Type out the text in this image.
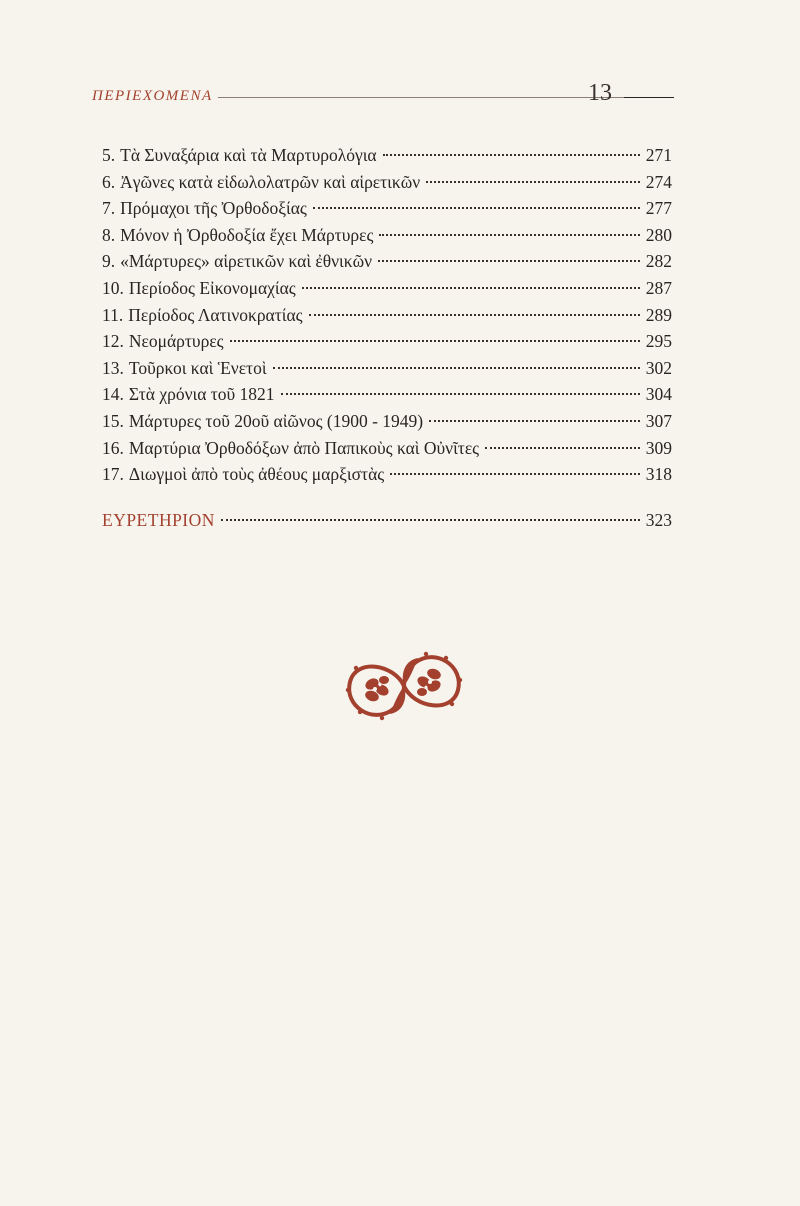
ΠΕΡΙΕΧΟΜΕΝΑ	13
5. Τὰ Συναξάρια καὶ τὰ Μαρτυρολόγια	271
6. Ἀγῶνες κατὰ εἰδωλολατρῶν καὶ αἱρετικῶν	274
7. Πρόμαχοι τῆς Ὀρθοδοξίας	277
8. Μόνον ἡ Ὀρθοδοξία ἔχει Μάρτυρες	280
9. «Μάρτυρες» αἱρετικῶν καὶ ἐθνικῶν	282
10. Περίοδος Εἰκονομαχίας	287
11. Περίοδος Λατινοκρατίας	289
12. Νεομάρτυρες	295
13. Τοῦρκοι καὶ Ἑνετοὶ	302
14. Στὰ χρόνια τοῦ 1821	304
15. Μάρτυρες τοῦ 20οῦ αἰῶνος (1900 - 1949)	307
16. Μαρτύρια Ὀρθοδόξων ἀπὸ Παπικοὺς καὶ Οὐνῖτες	309
17. Διωγμοὶ ἀπὸ τοὺς ἀθέους μαρξιστὰς	318
ΕΥΡΕΤΗΡΙΟΝ	323
